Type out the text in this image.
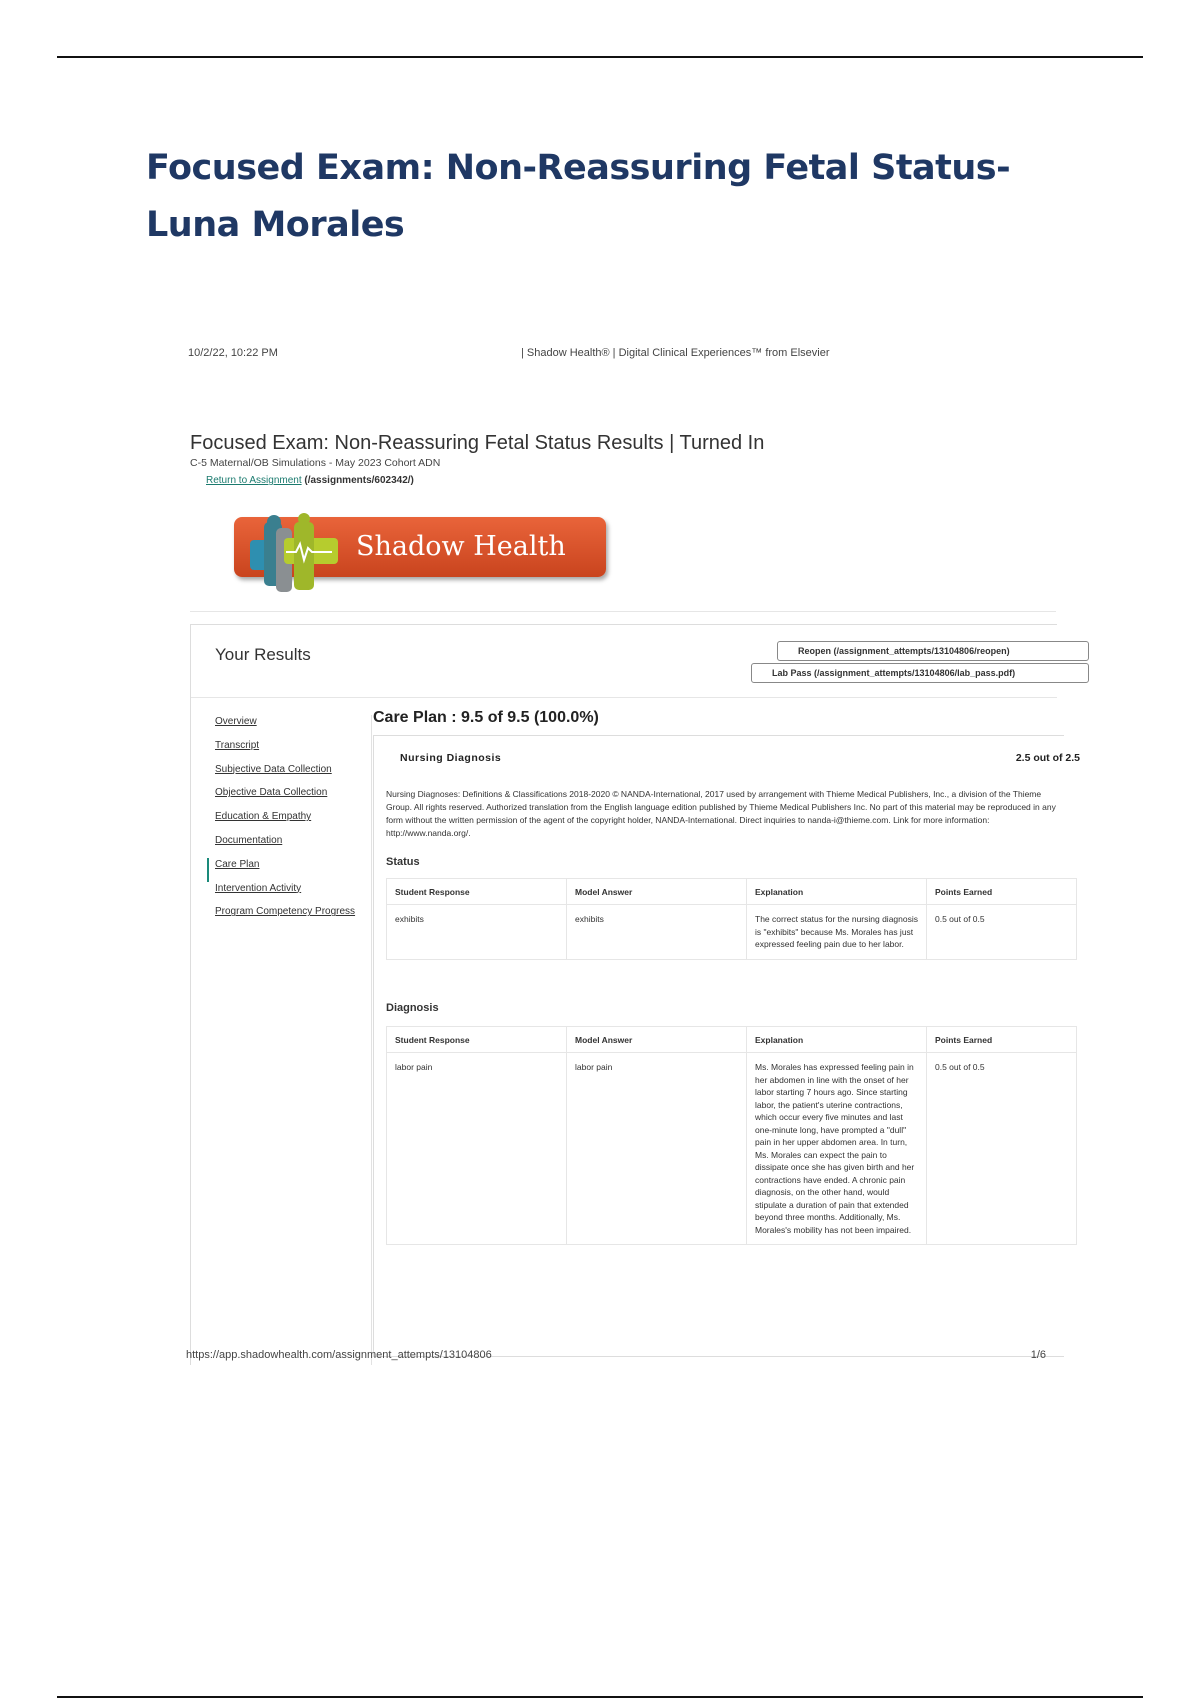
Focused Exam: Non-Reassuring Fetal Status- Luna Morales
10/2/22, 10:22 PM	| Shadow Health® | Digital Clinical Experiences™ from Elsevier
Focused Exam: Non-Reassuring Fetal Status Results | Turned In
C-5 Maternal/OB Simulations - May 2023 Cohort ADN
Return to Assignment (/assignments/602342/)
Shadow Health
Your Results	Reopen (/assignment_attempts/13104806/reopen)
Lab Pass (/assignment_attempts/13104806/lab_pass.pdf)
Overview
Transcript
Subjective Data Collection
Objective Data Collection
Education & Empathy
Documentation
Care Plan
Intervention Activity
Program Competency Progress
Care Plan : 9.5 of 9.5 (100.0%)
Nursing Diagnosis	2.5 out of 2.5
Nursing Diagnoses: Definitions & Classifications 2018-2020 © NANDA-International, 2017 used by arrangement with Thieme Medical Publishers, Inc., a division of the Thieme Group. All rights reserved. Authorized translation from the English language edition published by Thieme Medical Publishers Inc. No part of this material may be reproduced in any form without the written permission of the agent of the copyright holder, NANDA-International. Direct inquiries to nanda-i@thieme.com. Link for more information: http://www.nanda.org/.
Status
Student Response	Model Answer	Explanation	Points Earned
exhibits	exhibits	The correct status for the nursing diagnosis is "exhibits" because Ms. Morales has just expressed feeling pain due to her labor.	0.5 out of 0.5
Diagnosis
Student Response	Model Answer	Explanation	Points Earned
labor pain	labor pain	Ms. Morales has expressed feeling pain in her abdomen in line with the onset of her labor starting 7 hours ago. Since starting labor, the patient's uterine contractions, which occur every five minutes and last one-minute long, have prompted a "dull" pain in her upper abdomen area. In turn, Ms. Morales can expect the pain to dissipate once she has given birth and her contractions have ended. A chronic pain diagnosis, on the other hand, would stipulate a duration of pain that extended beyond three months. Additionally, Ms. Morales's mobility has not been impaired.	0.5 out of 0.5
https://app.shadowhealth.com/assignment_attempts/13104806	1/6
